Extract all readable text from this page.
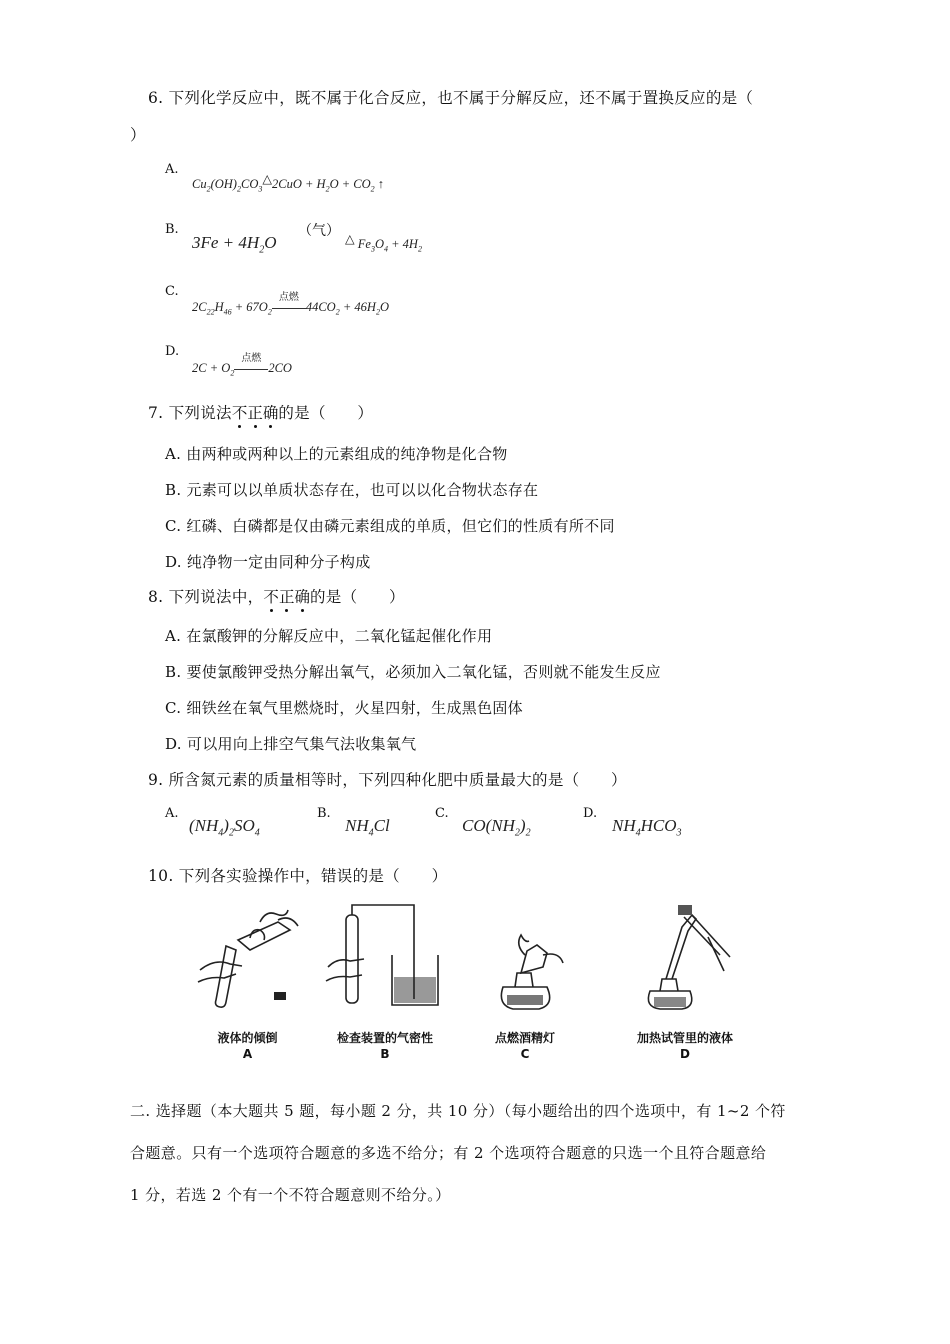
6. 下列化学反应中，既不属于化合反应，也不属于分解反应，还不属于置换反应的是（
）
A.
$Cu_2(OH)_2CO_3\triangle 2CuO + H_2O + CO_2$ ↑
B.
$3Fe + 4H_2O$
（气） △ $Fe_3O_4 + 4H_2$
C.
$2C_{22}H_{46} + 67O_2$
点燃
$44CO_2 + 46H_2O$
D.
$2C + O_2$
点燃
2CO
7. 下列说法不正确的是（　　）
A. 由两种或两种以上的元素组成的纯净物是化合物
B. 元素可以以单质状态存在，也可以以化合物状态存在
C. 红磷、白磷都是仅由磷元素组成的单质，但它们的性质有所不同
D. 纯净物一定由同种分子构成
8. 下列说法中，不正确的是（　　）
A. 在氯酸钾的分解反应中，二氧化锰起催化作用
B. 要使氯酸钾受热分解出氧气，必须加入二氧化锰，否则就不能发生反应
C. 细铁丝在氧气里燃烧时，火星四射，生成黑色固体
D. 可以用向上排空气集气法收集氧气
9. 所含氮元素的质量相等时，下列四种化肥中质量最大的是（　　）
A.
$(NH_4)_2SO_4$
B.
$NH_4Cl$
C.
$CO(NH_2)_2$
D.
$NH_4HCO_3$
10. 下列各实验操作中，错误的是（　　）
液体的倾倒
A
检查装置的气密性
B
点燃酒精灯
C
加热试管里的液体
D
二. 选择题（本大题共 5 题，每小题 2 分，共 10 分）（每小题给出的四个选项中，有 1~2 个符
合题意。只有一个选项符合题意的多选不给分；有 2 个选项符合题意的只选一个且符合题意给
1 分，若选 2 个有一个不符合题意则不给分。）
